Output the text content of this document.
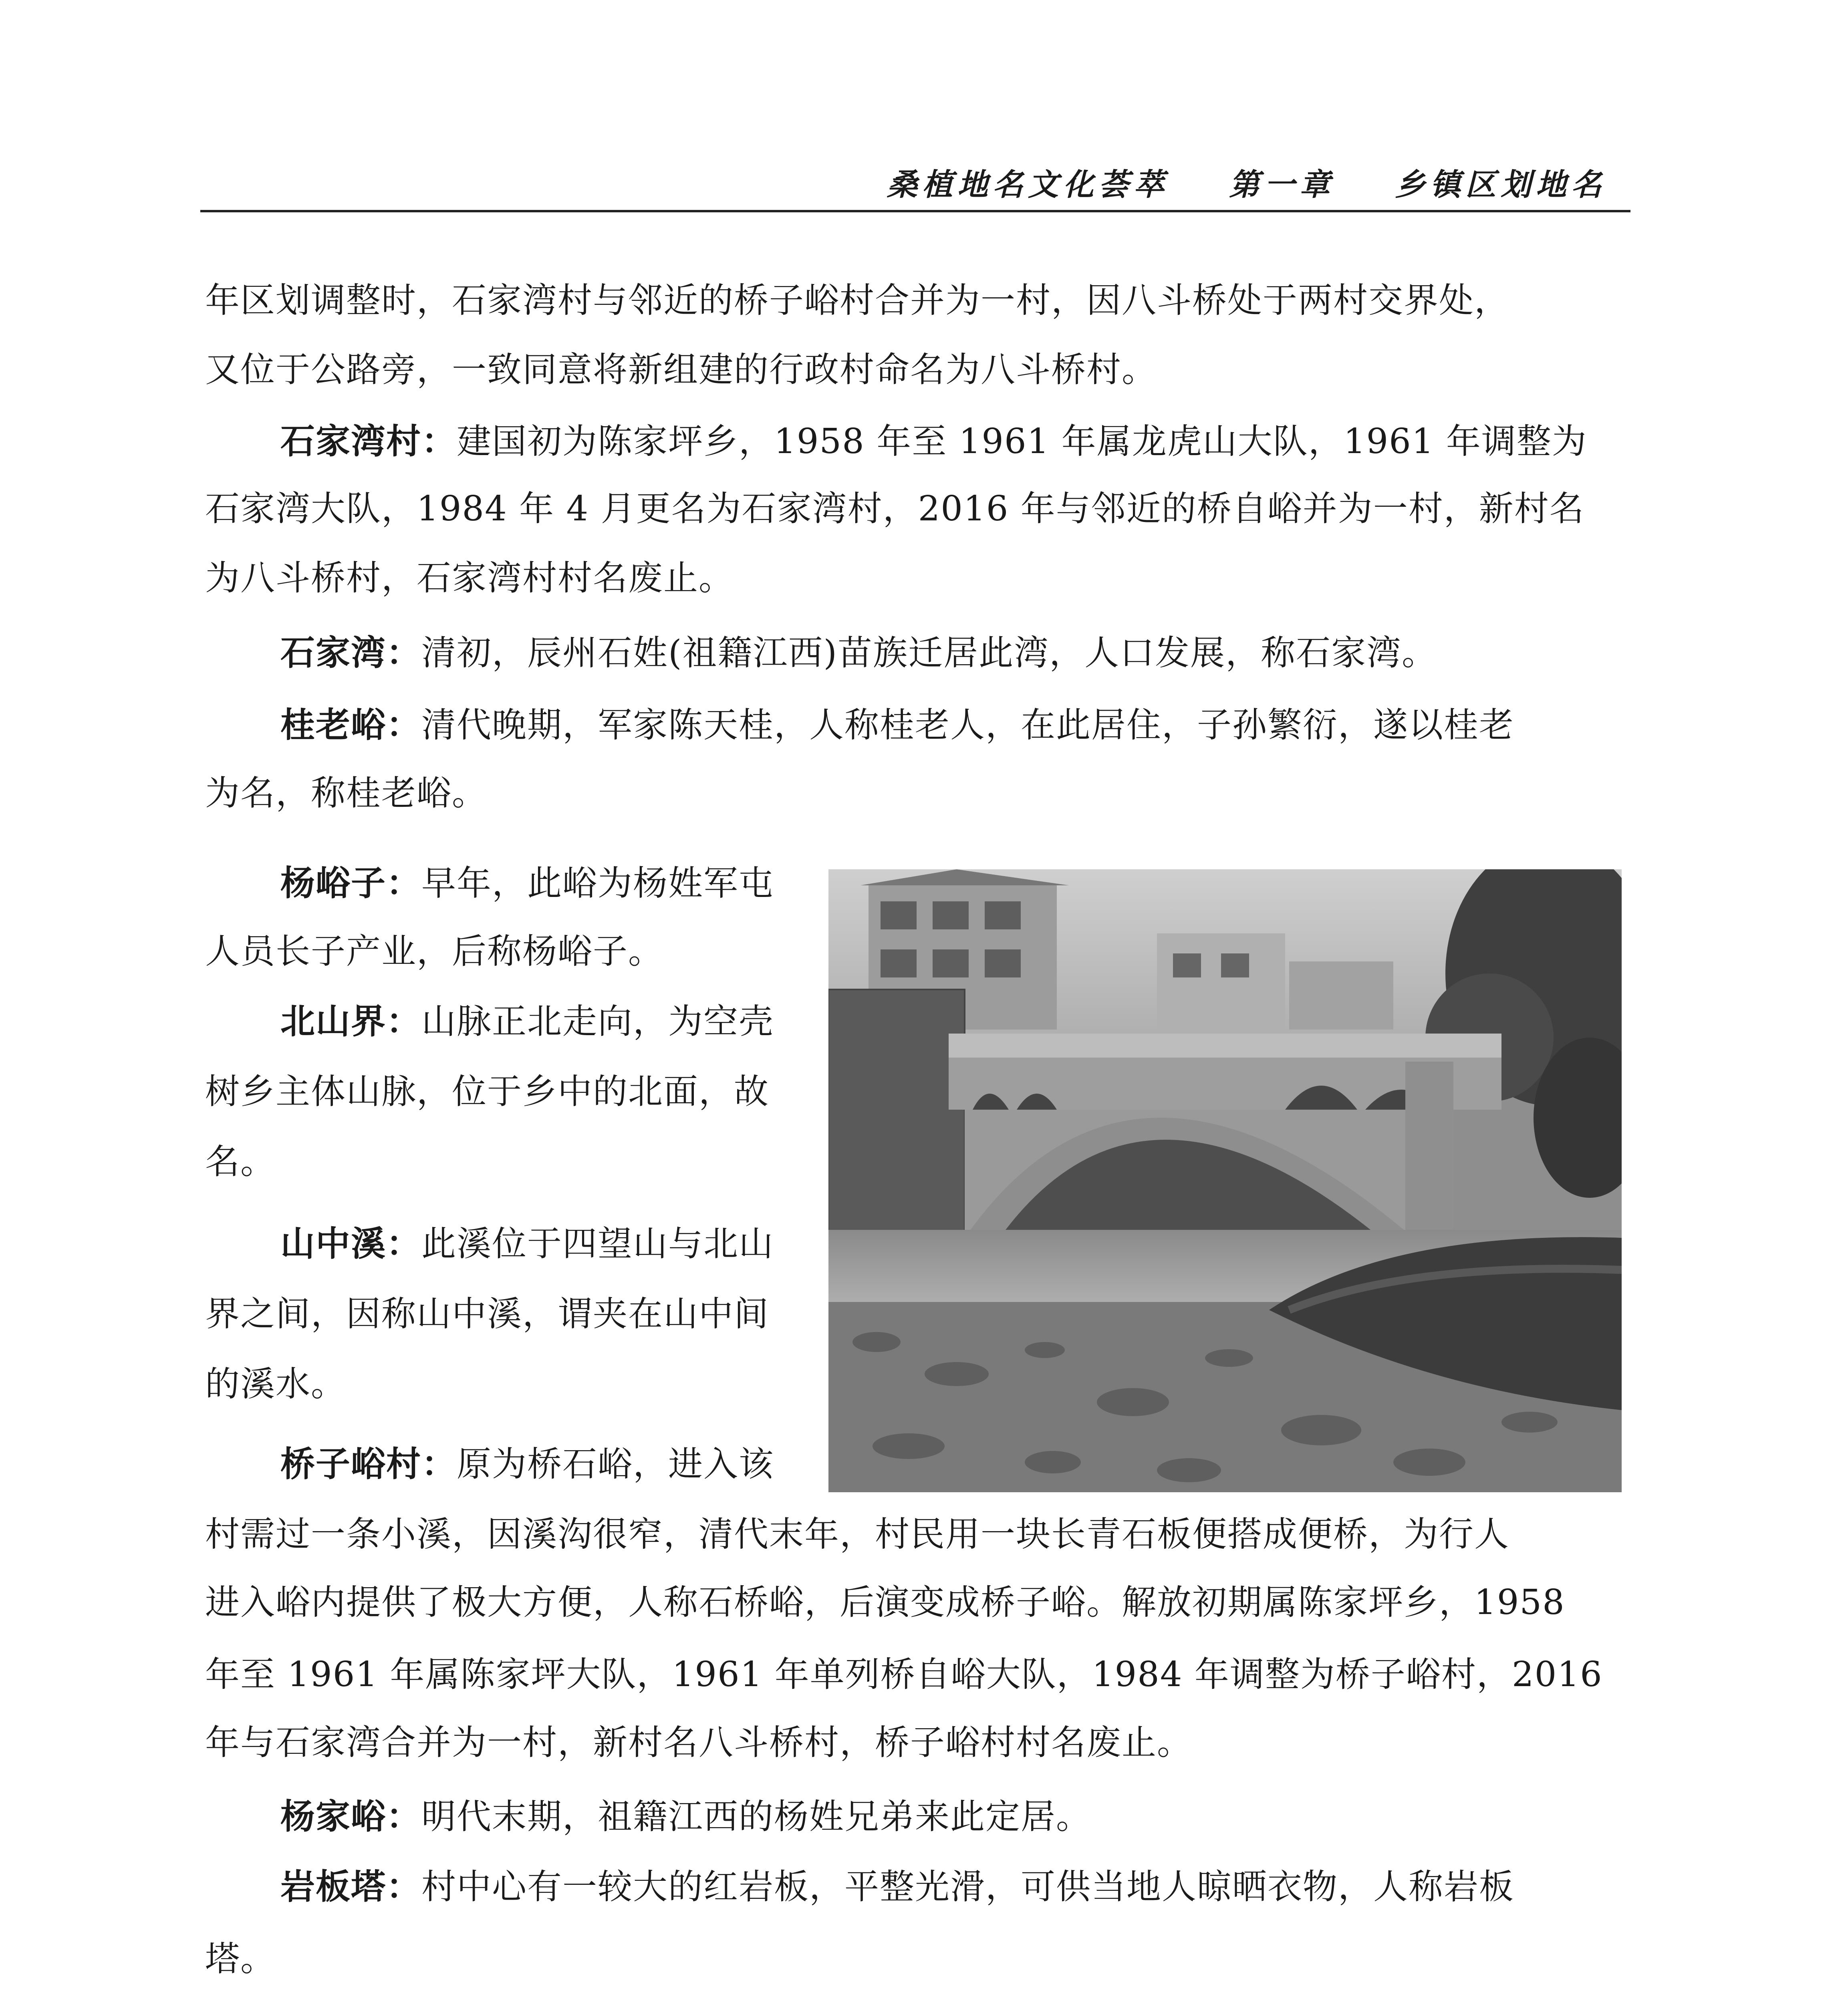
桑植地名文化荟萃 第一章 乡镇区划地名
年区划调整时，石家湾村与邻近的桥子峪村合并为一村，因八斗桥处于两村交界处，
又位于公路旁，一致同意将新组建的行政村命名为八斗桥村。
石家湾村：建国初为陈家坪乡，1958 年至 1961 年属龙虎山大队，1961 年调整为
石家湾大队，1984 年 4 月更名为石家湾村，2016 年与邻近的桥自峪并为一村，新村名
为八斗桥村，石家湾村村名废止。
石家湾：清初，辰州石姓(祖籍江西)苗族迁居此湾，人口发展，称石家湾。
桂老峪：清代晚期，军家陈天桂，人称桂老人，在此居住，子孙繁衍，遂以桂老
为名，称桂老峪。
杨峪子：早年，此峪为杨姓军屯
人员长子产业，后称杨峪子。
北山界：山脉正北走向，为空壳
树乡主体山脉，位于乡中的北面，故
名。
山中溪：此溪位于四望山与北山
界之间，因称山中溪，谓夹在山中间
的溪水。
桥子峪村：原为桥石峪，进入该
村需过一条小溪，因溪沟很窄，清代末年，村民用一块长青石板便搭成便桥，为行人
进入峪内提供了极大方便，人称石桥峪，后演变成桥子峪。解放初期属陈家坪乡，1958
年至 1961 年属陈家坪大队，1961 年单列桥自峪大队，1984 年调整为桥子峪村，2016
年与石家湾合并为一村，新村名八斗桥村，桥子峪村村名废止。
杨家峪：明代末期，祖籍江西的杨姓兄弟来此定居。
岩板塔：村中心有一较大的红岩板，平整光滑，可供当地人晾晒衣物，人称岩板
塔。
